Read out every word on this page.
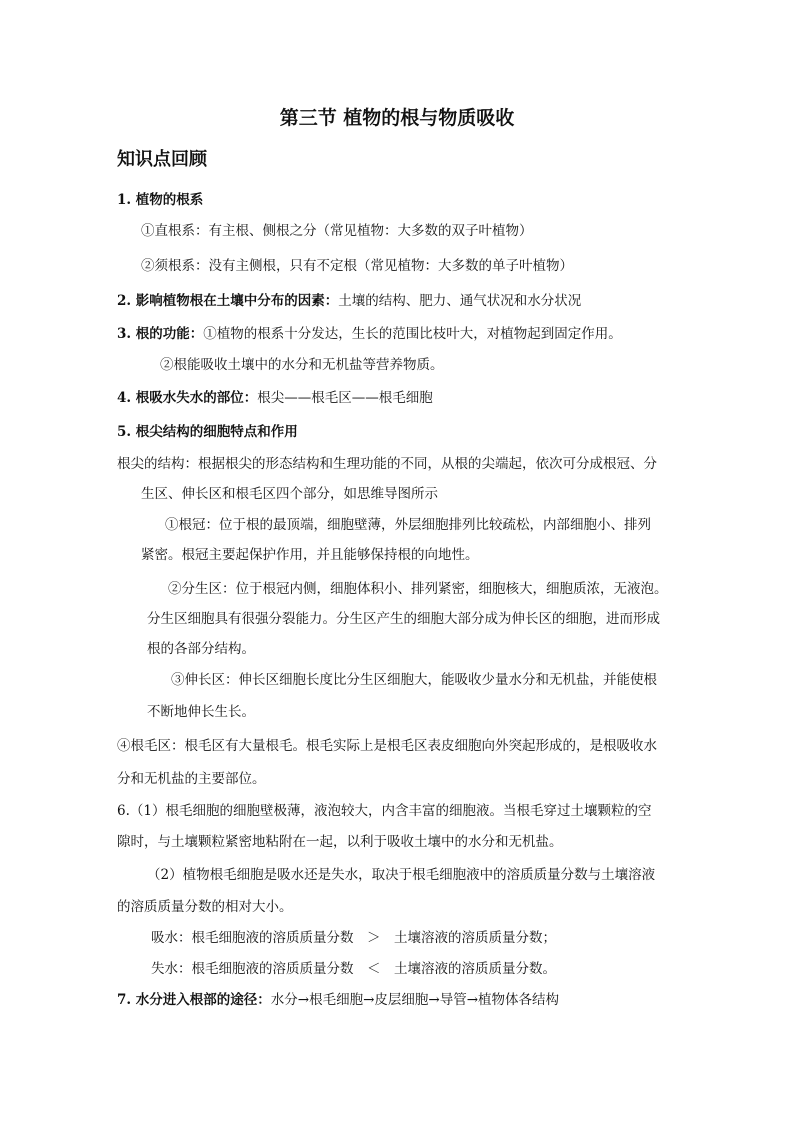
第三节 植物的根与物质吸收
知识点回顾
1. 植物的根系
①直根系：有主根、侧根之分（常见植物：大多数的双子叶植物）
②须根系：没有主侧根，只有不定根（常见植物：大多数的单子叶植物）
2. 影响植物根在土壤中分布的因素：土壤的结构、肥力、通气状况和水分状况
3. 根的功能：①植物的根系十分发达，生长的范围比枝叶大，对植物起到固定作用。
②根能吸收土壤中的水分和无机盐等营养物质。
4. 根吸水失水的部位：根尖——根毛区——根毛细胞
5. 根尖结构的细胞特点和作用
根尖的结构：根据根尖的形态结构和生理功能的不同，从根的尖端起，依次可分成根冠、分
生区、伸长区和根毛区四个部分，如思维导图所示
①根冠：位于根的最顶端，细胞壁薄，外层细胞排列比较疏松，内部细胞小、排列
紧密。根冠主要起保护作用，并且能够保持根的向地性。
②分生区：位于根冠内侧，细胞体积小、排列紧密，细胞核大，细胞质浓，无液泡。
分生区细胞具有很强分裂能力。分生区产生的细胞大部分成为伸长区的细胞，进而形成
根的各部分结构。
③伸长区：伸长区细胞长度比分生区细胞大，能吸收少量水分和无机盐，并能使根
不断地伸长生长。
④根毛区：根毛区有大量根毛。根毛实际上是根毛区表皮细胞向外突起形成的，是根吸收水
分和无机盐的主要部位。
6.（1）根毛细胞的细胞壁极薄，液泡较大，内含丰富的细胞液。当根毛穿过土壤颗粒的空
隙时，与土壤颗粒紧密地粘附在一起，以利于吸收土壤中的水分和无机盐。
（2）植物根毛细胞是吸水还是失水，取决于根毛细胞液中的溶质质量分数与土壤溶液
的溶质质量分数的相对大小。
吸水：根毛细胞液的溶质质量分数　＞　土壤溶液的溶质质量分数；
失水：根毛细胞液的溶质质量分数　＜　土壤溶液的溶质质量分数。
7. 水分进入根部的途径：水分→根毛细胞→皮层细胞→导管→植物体各结构
